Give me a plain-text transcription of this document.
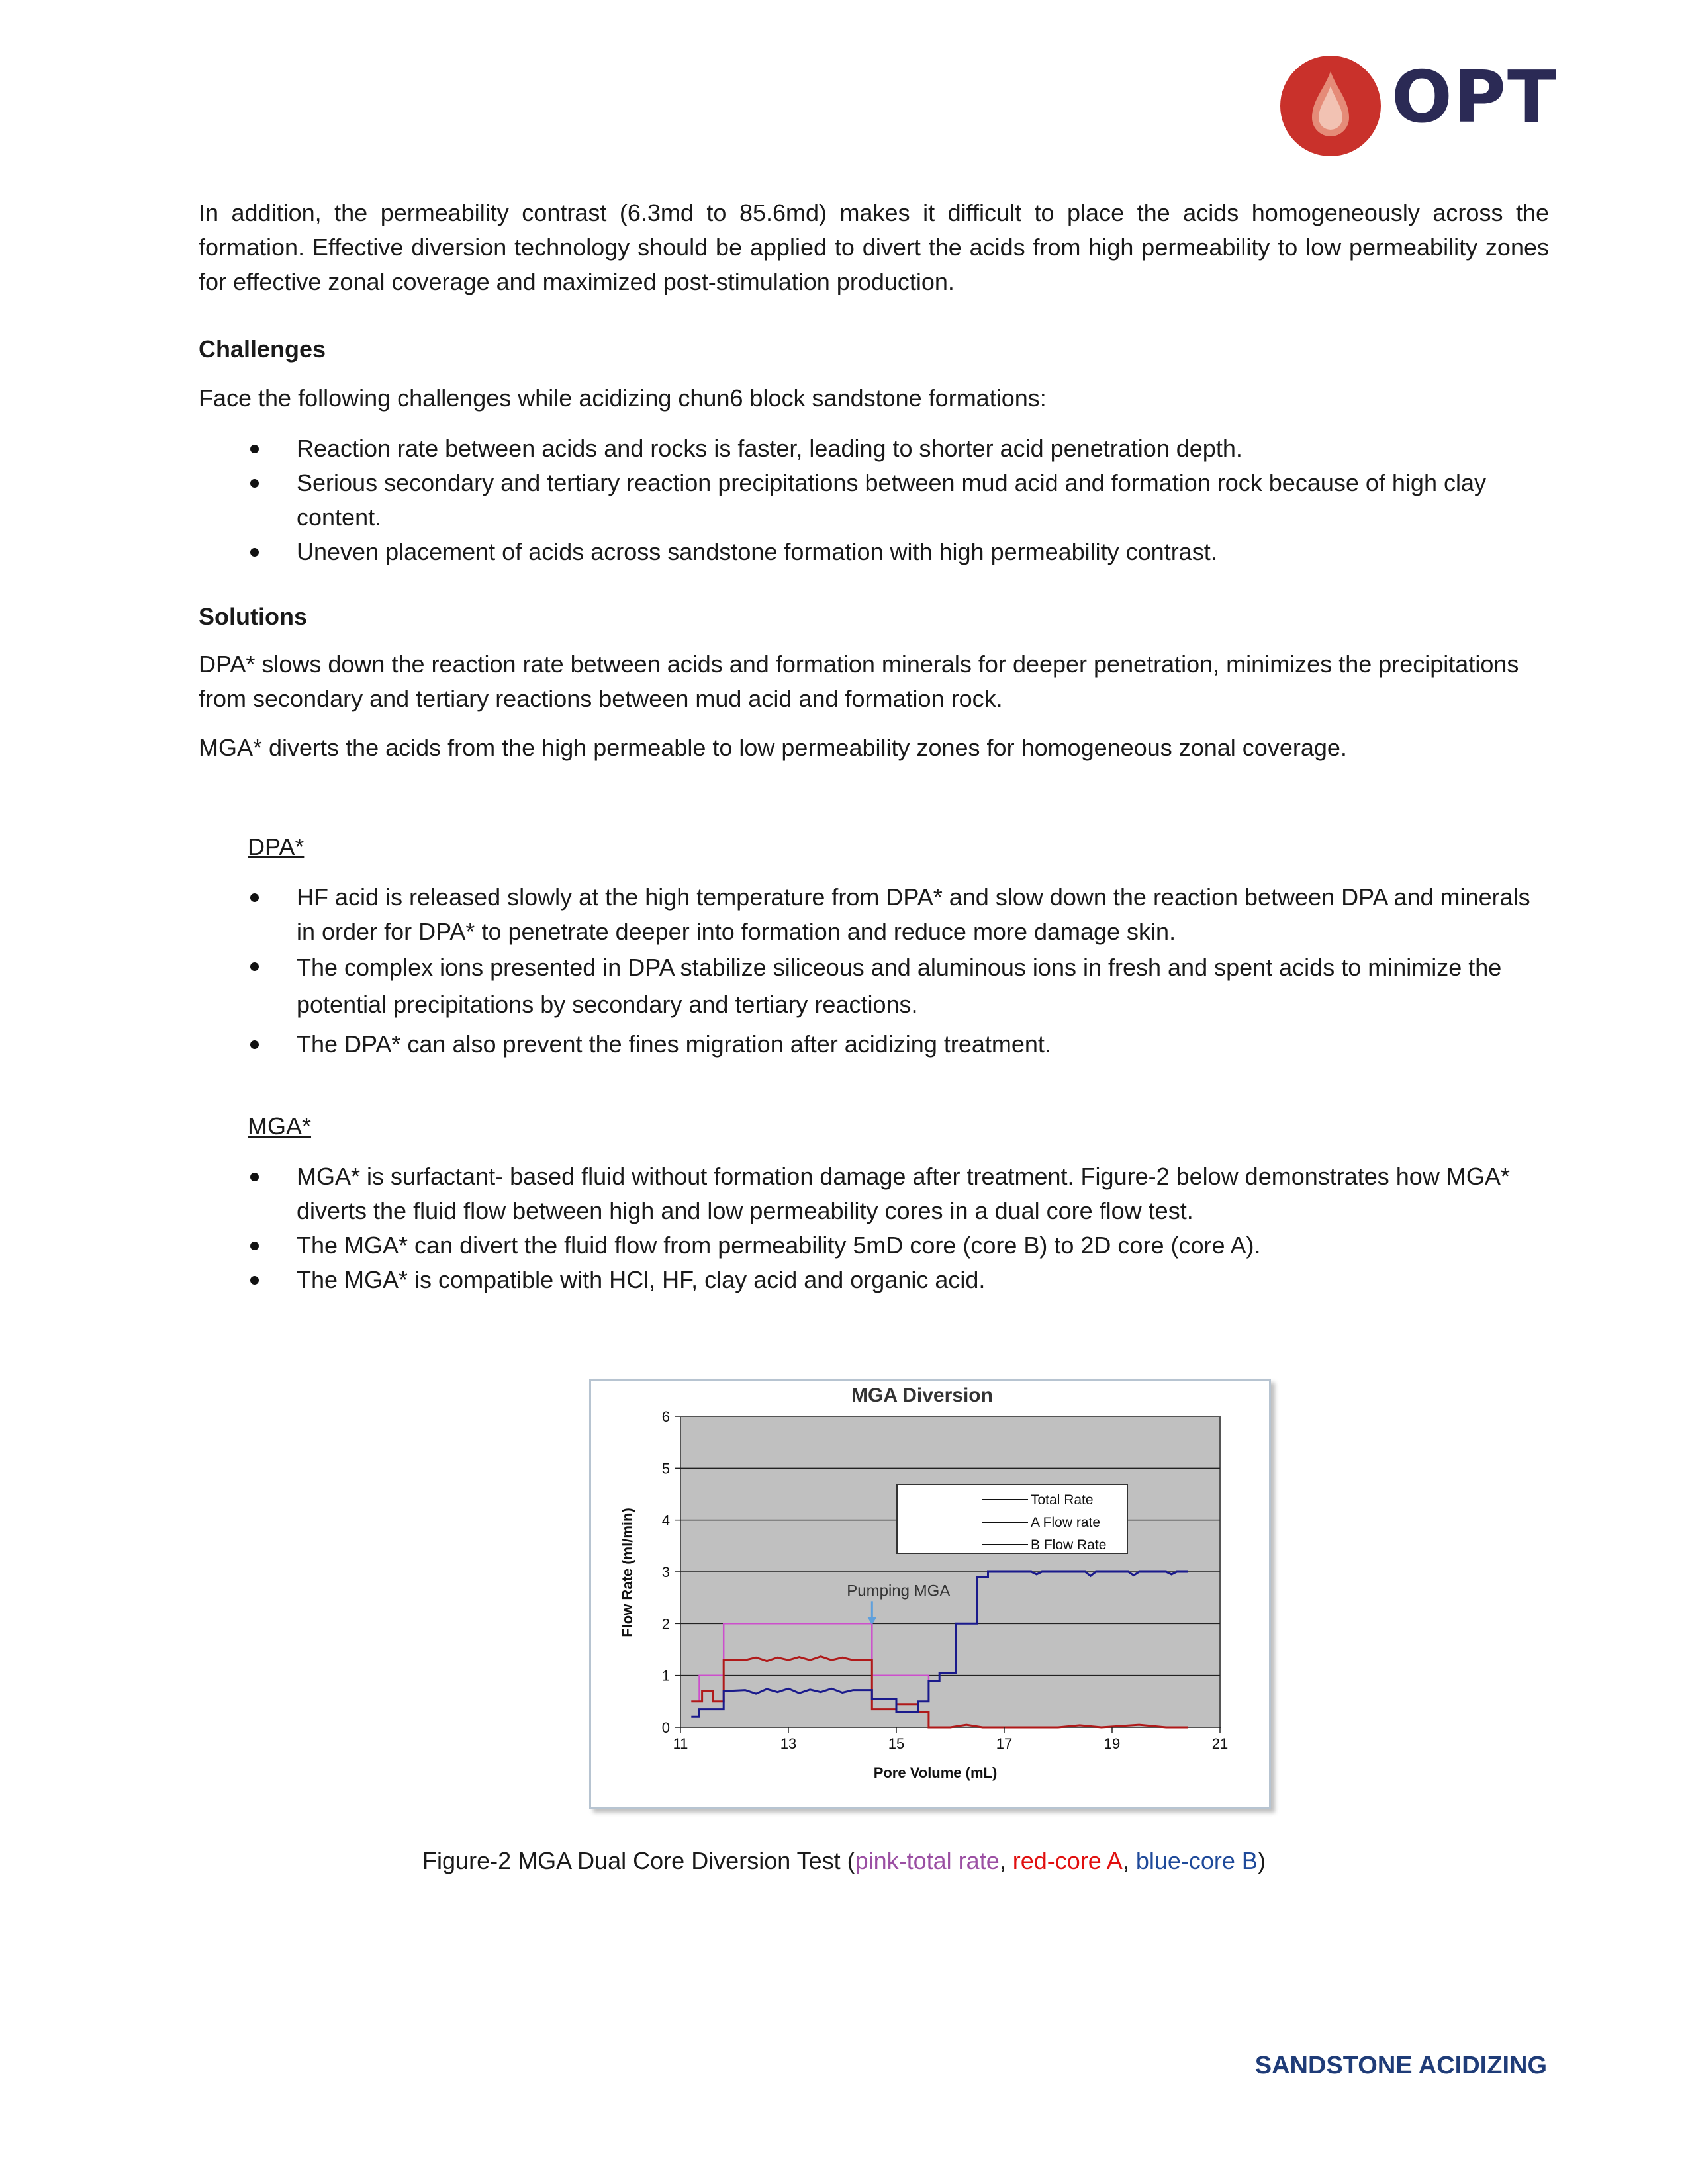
OPT

In addition, the permeability contrast (6.3md to 85.6md) makes it difficult to place the acids homogeneously across the formation. Effective diversion technology should be applied to divert the acids from high permeability to low permeability zones for effective zonal coverage and maximized post-stimulation production.

Challenges

Face the following challenges while acidizing chun6 block sandstone formations:

Reaction rate between acids and rocks is faster, leading to shorter acid penetration depth.
Serious secondary and tertiary reaction precipitations between mud acid and formation rock because of high clay content.
Uneven placement of acids across sandstone formation with high permeability contrast.

Solutions

DPA* slows down the reaction rate between acids and formation minerals for deeper penetration, minimizes the precipitations from secondary and tertiary reactions between mud acid and formation rock.

MGA* diverts the acids from the high permeable to low permeability zones for homogeneous zonal coverage.

DPA*

HF acid is released slowly at the high temperature from DPA* and slow down the reaction between DPA and minerals in order for DPA* to penetrate deeper into formation and reduce more damage skin.
The complex ions presented in DPA stabilize siliceous and aluminous ions in fresh and spent acids to minimize the potential precipitations by secondary and tertiary reactions.
The DPA* can also prevent the fines migration after acidizing treatment.

MGA*

MGA* is surfactant- based fluid without formation damage after treatment. Figure-2 below demonstrates how MGA* diverts the fluid flow between high and low permeability cores in a dual core flow test.
The MGA* can divert the fluid flow from permeability 5mD core (core B) to 2D core (core A).
The MGA* is compatible with HCl, HF, clay acid and organic acid.
0
1
2
3
4
5
6
11	13	15	17	19	21
MGA Diversion
Pore Volume (mL)
Flow Rate (ml/min)
Total Rate
A Flow rate
B Flow Rate
Pumping MGA
Figure-2 MGA Dual Core Diversion Test (pink-total rate, red-core A, blue-core B)
SANDSTONE ACIDIZING
